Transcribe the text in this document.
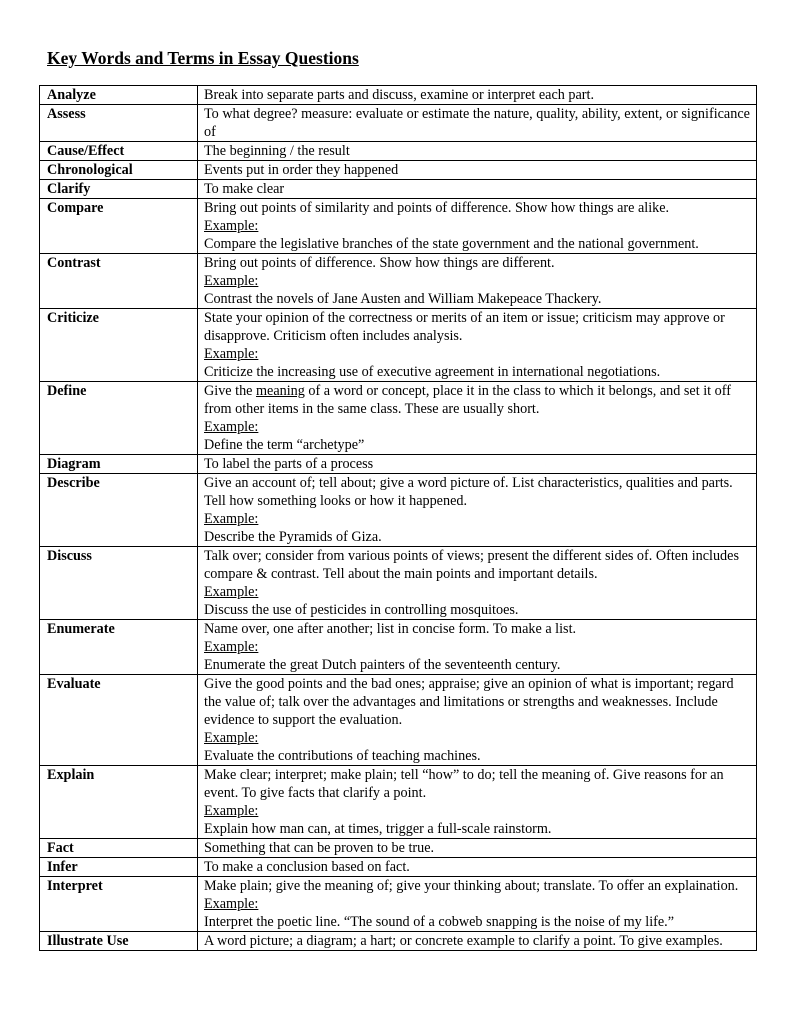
Key Words and Terms in Essay Questions
Analyze	Break into separate parts and discuss, examine or interpret each part.

Assess	To what degree? measure: evaluate or estimate the nature, quality, ability, extent, or significance of

Cause/Effect	The beginning / the result

Chronological	Events put in order they happened

Clarify	To make clear

Compare	Bring out points of similarity and points of difference. Show how things are alike.
Example:
Compare the legislative branches of the state government and the national government.

Contrast	Bring out points of difference. Show how things are different.
Example:
Contrast the novels of Jane Austen and William Makepeace Thackery.

Criticize	State your opinion of the correctness or merits of an item or issue; criticism may approve or disapprove. Criticism often includes analysis.
Example:
Criticize the increasing use of executive agreement in international negotiations.

Define	Give the meaning of a word or concept, place it in the class to which it belongs, and set it off from other items in the same class. These are usually short.
Example:
Define the term “archetype”

Diagram	To label the parts of a process

Describe	Give an account of; tell about; give a word picture of. List characteristics, qualities and parts. Tell how something looks or how it happened.
Example:
Describe the Pyramids of Giza.

Discuss	Talk over; consider from various points of views; present the different sides of. Often includes compare & contrast. Tell about the main points and important details.
Example:
Discuss the use of pesticides in controlling mosquitoes.

Enumerate	Name over, one after another; list in concise form. To make a list.
Example:
Enumerate the great Dutch painters of the seventeenth century.

Evaluate	Give the good points and the bad ones; appraise; give an opinion of what is important; regard the value of; talk over the advantages and limitations or strengths and weaknesses. Include evidence to support the evaluation.
Example:
Evaluate the contributions of teaching machines.

Explain	Make clear; interpret; make plain; tell “how” to do; tell the meaning of. Give reasons for an event. To give facts that clarify a point.
Example:
Explain how man can, at times, trigger a full-scale rainstorm.

Fact	Something that can be proven to be true.

Infer	To make a conclusion based on fact.

Interpret	Make plain; give the meaning of; give your thinking about; translate. To offer an explaination.
Example:
Interpret the poetic line. “The sound of a cobweb snapping is the noise of my life.”

Illustrate Use	A word picture; a diagram; a hart; or concrete example to clarify a point. To give examples.
